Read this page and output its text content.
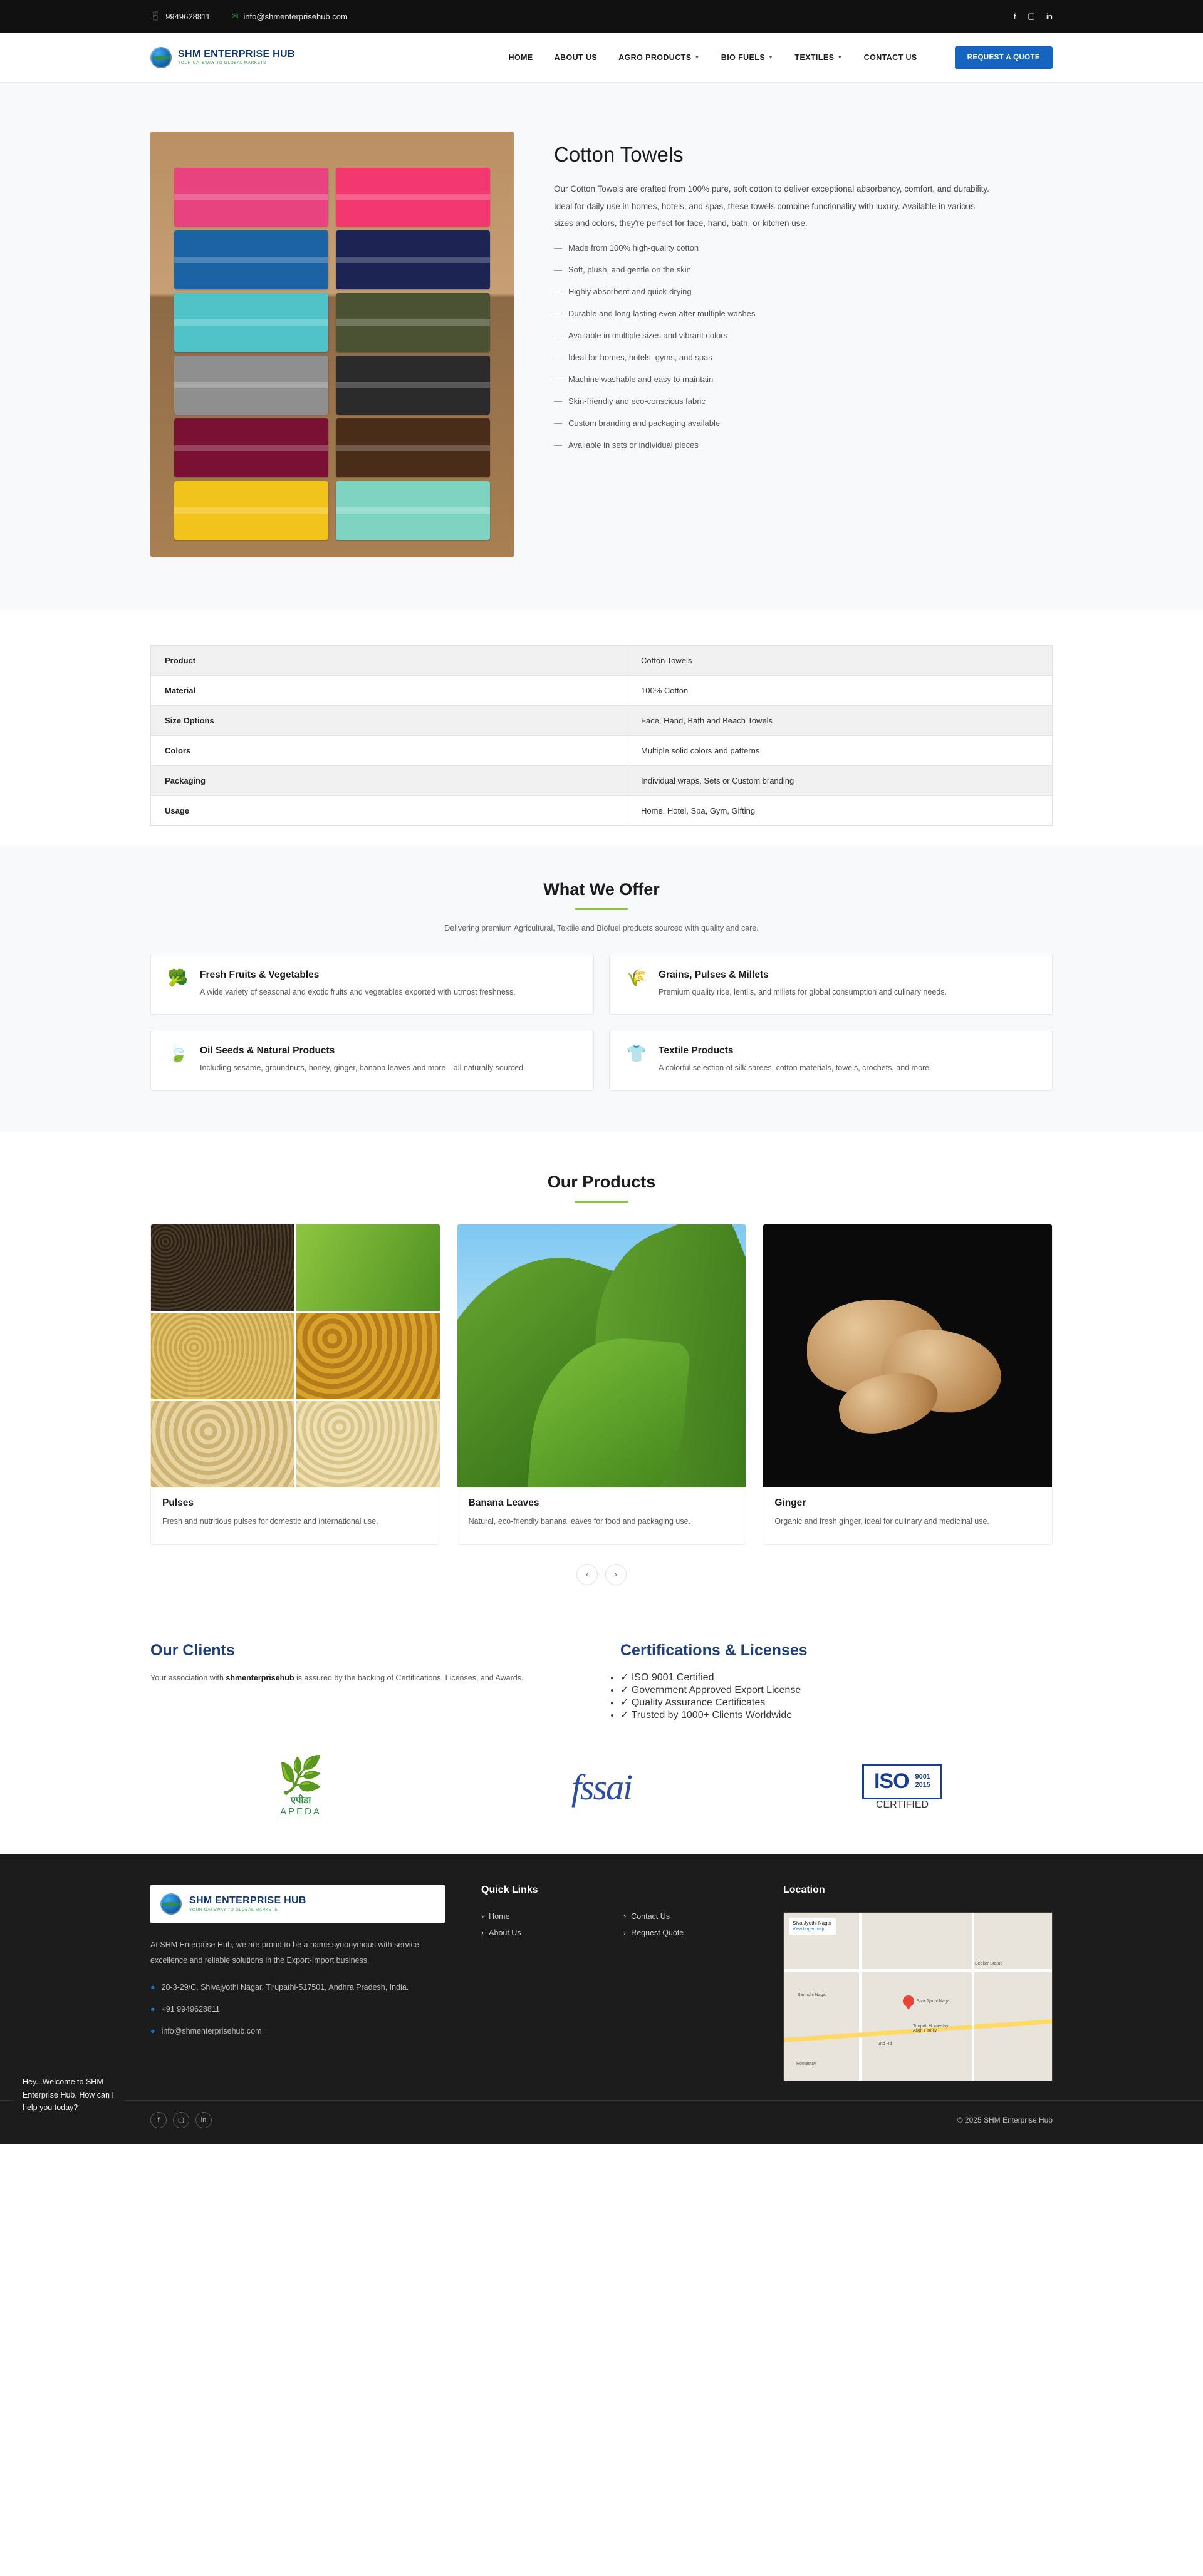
📱 9949628811	✉ info@shmenterprisehub.com	f ▢ in
SHM ENTERPRISE HUB
YOUR GATEWAY TO GLOBAL MARKETS
HOME	ABOUT US	AGRO PRODUCTS ▼	BIO FUELS ▼	TEXTILES ▼	CONTACT US	REQUEST A QUOTE
Cotton Towels

Our Cotton Towels are crafted from 100% pure, soft cotton to deliver exceptional absorbency, comfort, and durability. Ideal for daily use in homes, hotels, and spas, these towels combine functionality with luxury. Available in various sizes and colors, they're perfect for face, hand, bath, or kitchen use.

— Made from 100% high-quality cotton
— Soft, plush, and gentle on the skin
— Highly absorbent and quick-drying
— Durable and long-lasting even after multiple washes
— Available in multiple sizes and vibrant colors
— Ideal for homes, hotels, gyms, and spas
— Machine washable and easy to maintain
— Skin-friendly and eco-conscious fabric
— Custom branding and packaging available
— Available in sets or individual pieces
Product	Cotton Towels
Material	100% Cotton
Size Options	Face, Hand, Bath and Beach Towels
Colors	Multiple solid colors and patterns
Packaging	Individual wraps, Sets or Custom branding
Usage	Home, Hotel, Spa, Gym, Gifting
What We Offer
Delivering premium Agricultural, Textile and Biofuel products sourced with quality and care.
🥦 Fresh Fruits & Vegetables
A wide variety of seasonal and exotic fruits and vegetables exported with utmost freshness.
🌾 Grains, Pulses & Millets
Premium quality rice, lentils, and millets for global consumption and culinary needs.
🍃 Oil Seeds & Natural Products
Including sesame, groundnuts, honey, ginger, banana leaves and more—all naturally sourced.
👕 Textile Products
A colorful selection of silk sarees, cotton materials, towels, crochets, and more.
Our Products
Pulses
Fresh and nutritious pulses for domestic and international use.
Banana Leaves
Natural, eco-friendly banana leaves for food and packaging use.
Ginger
Organic and fresh ginger, ideal for culinary and medicinal use.
‹	›
Our Clients
Your association with shmenterprisehub is assured by the backing of Certifications, Licenses, and Awards.
Certifications & Licenses
• ✓ ISO 9001 Certified
• ✓ Government Approved Export License
• ✓ Quality Assurance Certificates
• ✓ Trusted by 1000+ Clients Worldwide
🌿
एपीडा
APEDA
fssai	ISO 9001
2015
CERTIFIED
SHM ENTERPRISE HUB
YOUR GATEWAY TO GLOBAL MARKETS
At SHM Enterprise Hub, we are proud to be a name synonymous with service excellence and reliable solutions in the Export-Import business.
● 20-3-29/C, Shivajyothi Nagar, Tirupathi-517501, Andhra Pradesh, India.
● +91 9949628811
● info@shmenterprisehub.com
Quick Links
› Home	› Contact Us
› About Us	› Request Quote
Location
Siva Jyothi Nagar
View larger map
Bedkar Statue
Siva Jyothi Nagar
Tirupati Homestay Align Family
Sanndhi Nagar
2nd Rd
Homestay
f	▢	in	© 2025 SHM Enterprise Hub
Hey...Welcome to SHM Enterprise Hub. How can I help you today?
